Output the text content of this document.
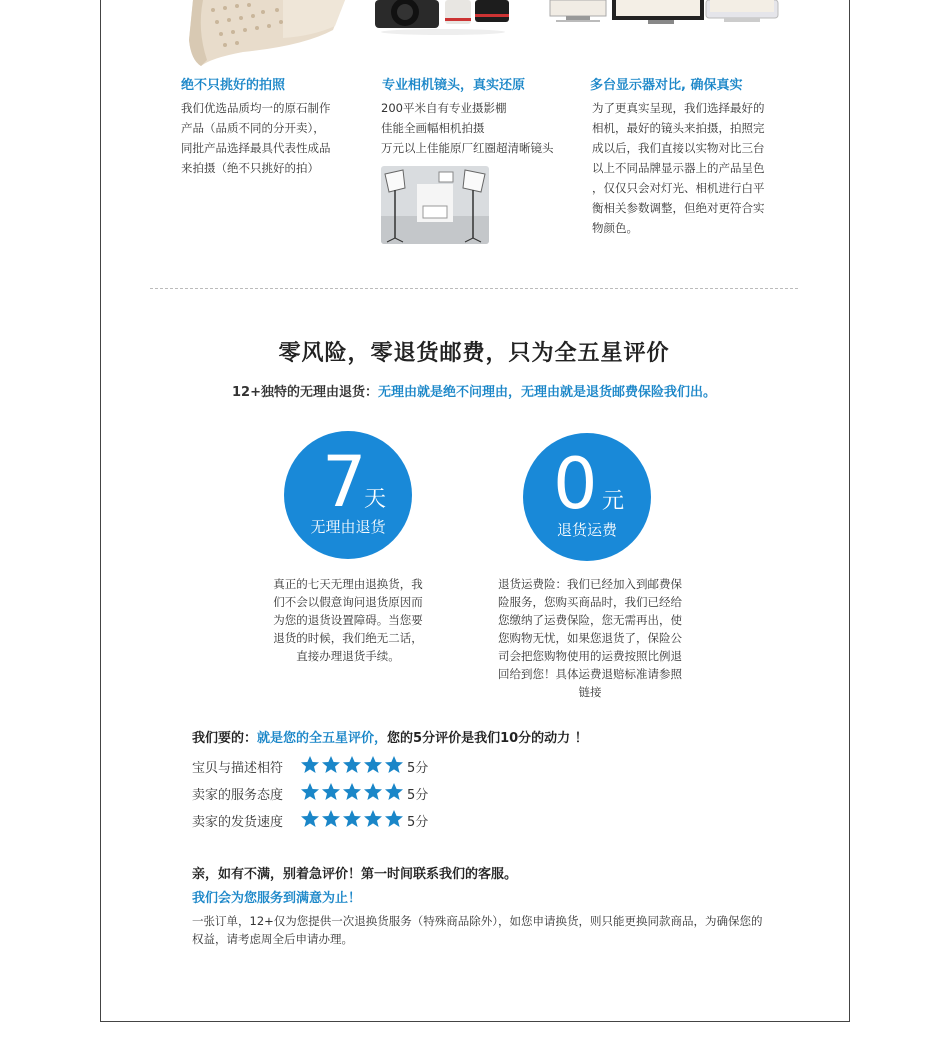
绝不只挑好的拍照
我们优选品质均一的原石制作
产品（品质不同的分开卖），
同批产品选择最具代表性成品
来拍摄（绝不只挑好的拍）
专业相机镜头，真实还原
200平米自有专业摄影棚
佳能全画幅相机拍摄
万元以上佳能原厂红圈超清晰镜头
多台显示器对比, 确保真实
为了更真实呈现，我们选择最好的
相机，最好的镜头来拍摄，拍照完
成以后，我们直接以实物对比三台
以上不同品牌显示器上的产品呈色
，仅仅只会对灯光、相机进行白平
衡相关参数调整，但绝对更符合实
物颜色。
零风险，零退货邮费，只为全五星评价
12+独特的无理由退货：无理由就是绝不问理由，无理由就是退货邮费保险我们出。
7
天
无理由退货
0 元
退货运费
真正的七天无理由退换货，我
们不会以假意询问退货原因而
为您的退货设置障碍。当您要
退货的时候，我们绝无二话，
直接办理退货手续。
退货运费险：我们已经加入到邮费保
险服务，您购买商品时，我们已经给
您缴纳了运费保险，您无需再出，使
您购物无忧，如果您退货了，保险公
司会把您购物使用的运费按照比例退
回给到您！具体运费退赔标准请参照
链接
我们要的：就是您的全五星评价，您的5分评价是我们10分的动力 ！
宝贝与描述相符	5分
卖家的服务态度	5分
卖家的发货速度	5分
亲，如有不满，别着急评价！第一时间联系我们的客服。
我们会为您服务到满意为止！
一张订单，12+仅为您提供一次退换货服务（特殊商品除外），如您申请换货，则只能更换同款商品，为确保您的
权益，请考虑周全后申请办理。
